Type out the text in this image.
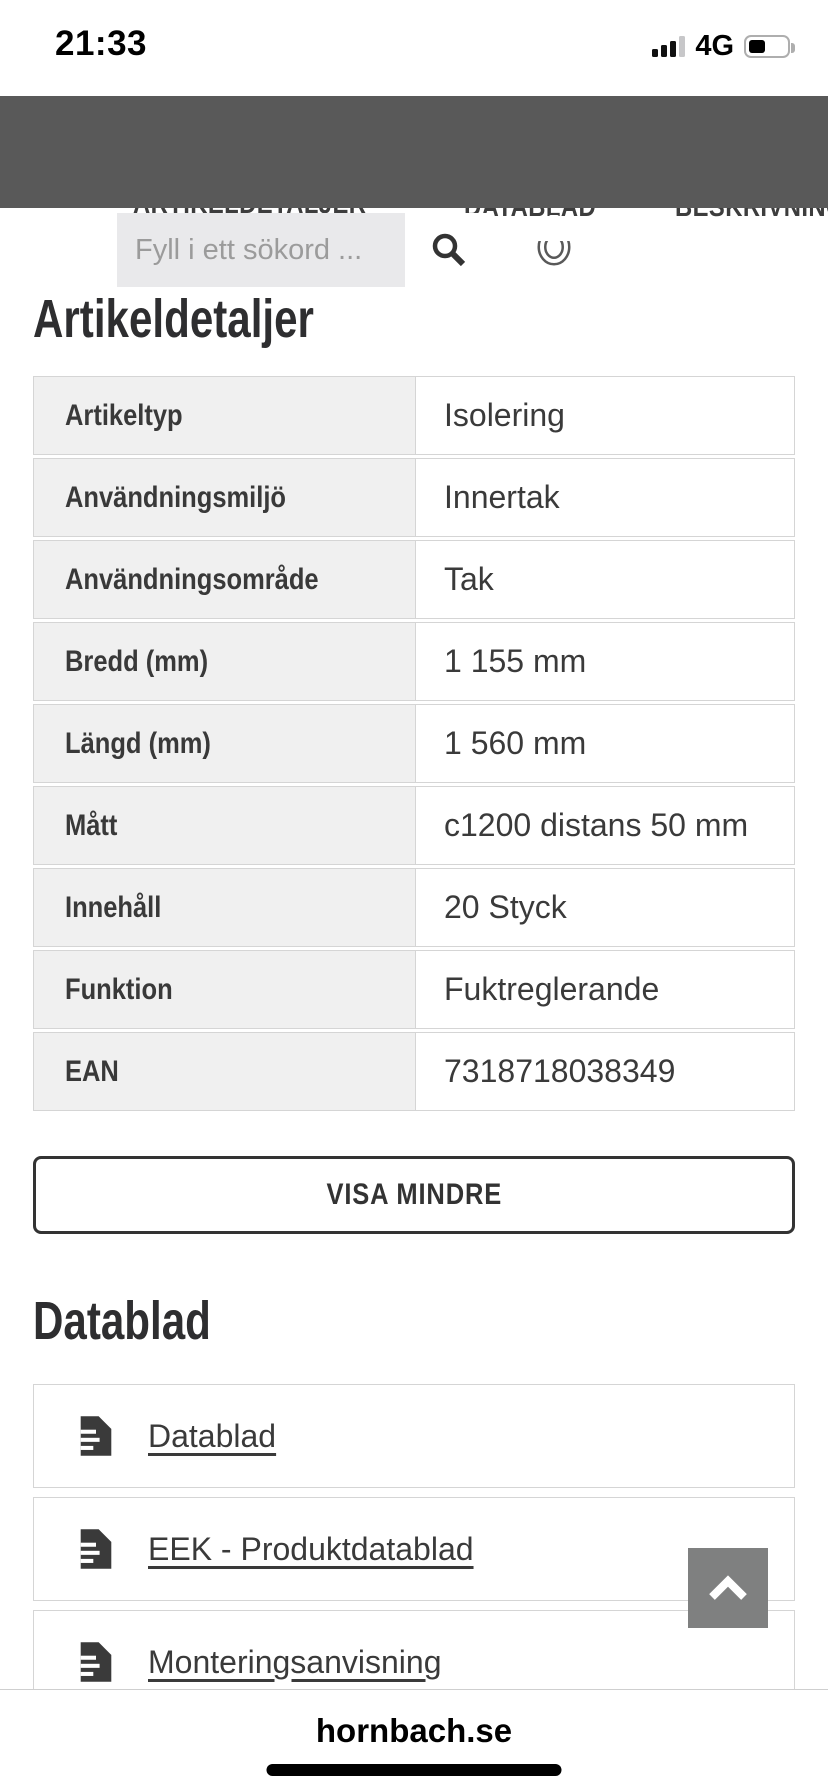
21:33	4G
Fyll i ett sökord ...
Artikeldetaljer
Artikeltyp	Isolering
Användningsmiljö	Innertak
Användningsområde	Tak
Bredd (mm)	1 155 mm
Längd (mm)	1 560 mm
Mått	c1200 distans 50 mm
Innehåll	20 Styck
Funktion	Fuktreglerande
EAN	7318718038349
VISA MINDRE
Datablad
Datablad
EEK - Produktdatablad
Monteringsanvisning
hornbach.se
